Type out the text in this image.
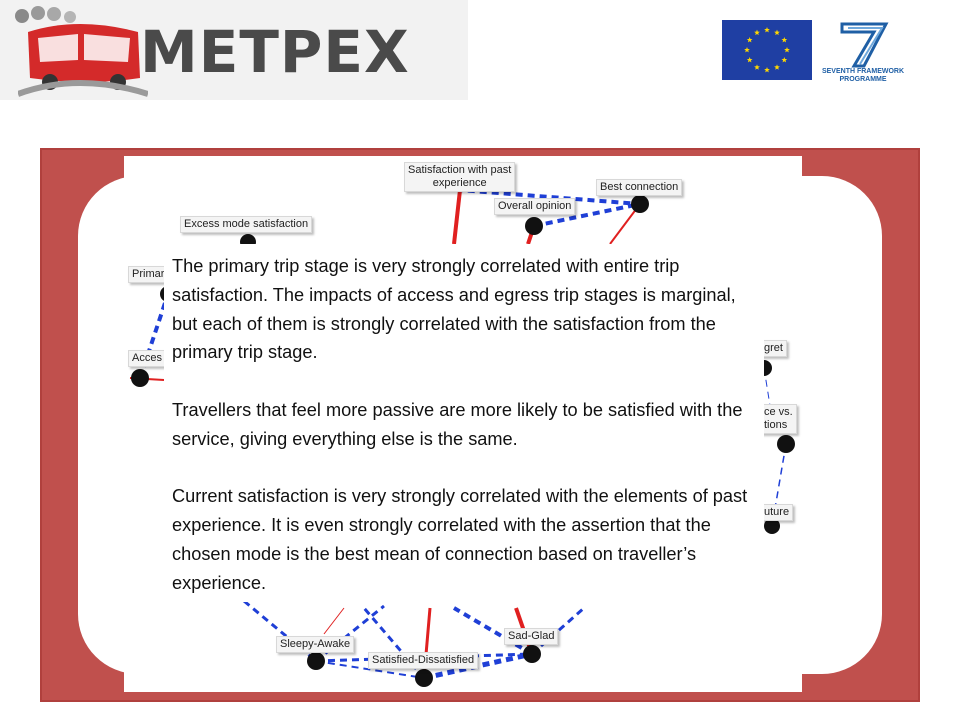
METPEX	SEVENTH FRAMEWORK
PROGRAMME
Satisfaction with past
experience	Best connection
Overall opinion
Excess mode satisfaction
Primar
Acces
gret
ce vs.
tions
uture
Sleepy-Awake
Satisfied-Dissatisfied
Sad-Glad

The primary trip stage is very strongly correlated with entire trip satisfaction. The impacts of access and egress trip stages is marginal, but each of them is strongly correlated with the satisfaction from the primary trip stage.

Travellers that feel more passive are more likely to be satisfied with the service, giving everything else is the same.

Current satisfaction is very strongly correlated with the elements of past experience. It is even strongly correlated with the assertion that the chosen mode is the best mean of connection based on traveller’s experience.
